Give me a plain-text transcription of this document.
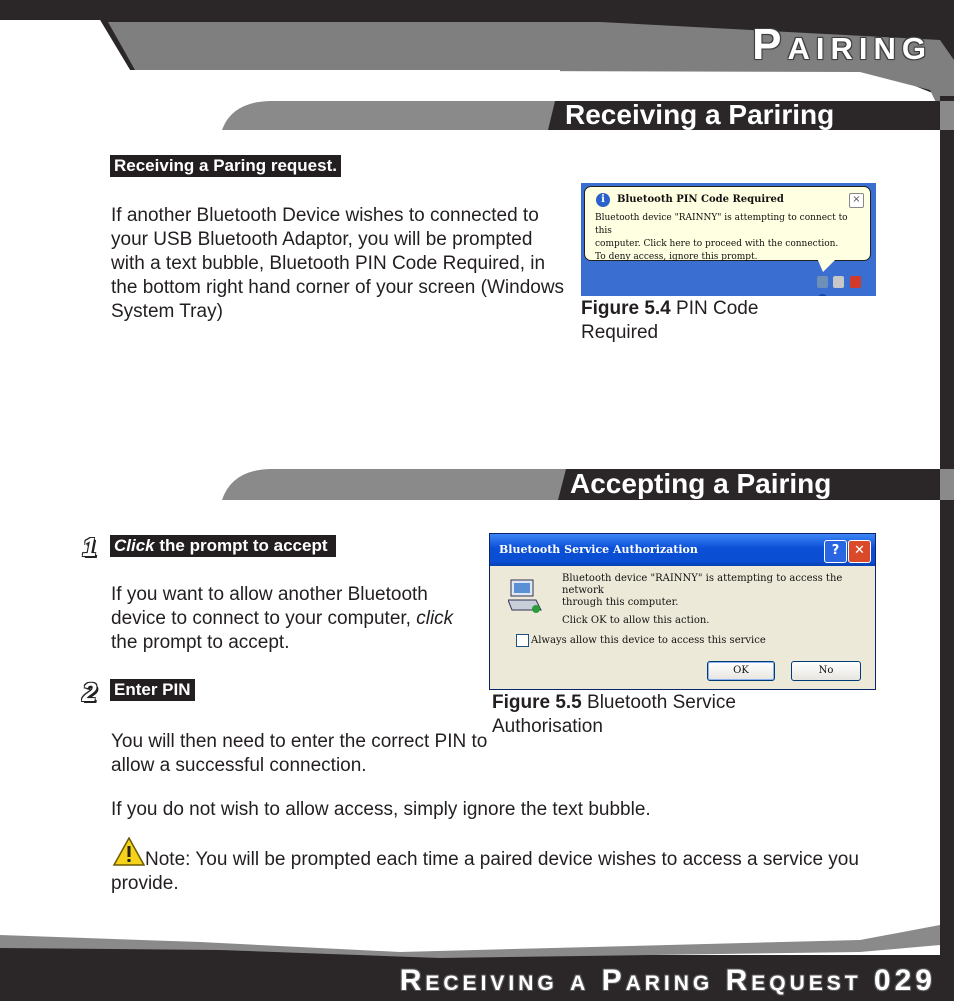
Pairing
Receiving a Pariring
Receiving a Paring request.
If another Bluetooth Device wishes to connected to your USB Bluetooth Adaptor, you will be prompted with a text bubble, Bluetooth PIN Code Required, in the bottom right hand corner of your screen (Windows System Tray)
i	Bluetooth PIN Code Required	×
Bluetooth device "RAINNY" is attempting to connect to this
computer. Click here to proceed with the connection.
To deny access, ignore this prompt.

Figure 5.4 PIN Code Required
Accepting a Pairing
1	Click the prompt to accept
If you want to allow another Bluetooth device to connect to your computer, click the prompt to accept.
2	Enter PIN
You will then need to enter the correct PIN to allow a successful connection.
Bluetooth Service Authorization	?	✕
Bluetooth device "RAINNY" is attempting to access the network
through this computer.
Click OK to allow this action.
Always allow this device to access this service
OK	No
Figure 5.5 Bluetooth Service Authorisation
If you do not wish to allow access, simply ignore the text bubble.
Note: You will be prompted each time a paired device wishes to access a service you provide.
Receiving a Paring Request 029
